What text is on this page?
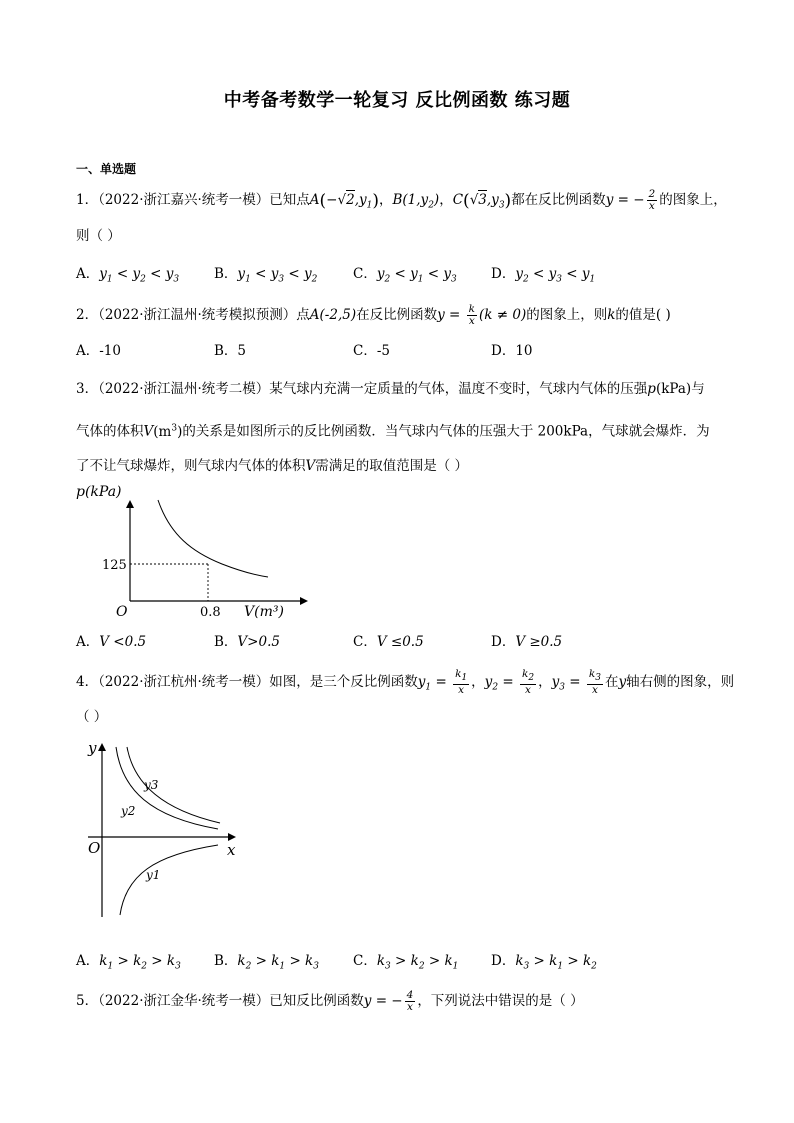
中考备考数学一轮复习 反比例函数 练习题
一、单选题
1．（2022·浙江嘉兴·统考一模）已知点$A(-√2,y_1)$，$B(1,y_2)$，$C(√3,y_3)$都在反比例函数y = − $\frac{2}{x}$ 的图象上，
则（ ）
A．$y_1 < y_2 < y_3$	B．$y_1 < y_3 < y_2$	C．$y_2 < y_1 < y_3$	D．$y_2 < y_3 < y_1$
2．（2022·浙江温州·统考模拟预测）点A(-2,5)在反比例函数$y = \frac{k}{x} (k \ne 0)$的图象上，则k的值是( )
A．-10	B．5	C．-5	D．10
3．（2022·浙江温州·统考二模）某气球内充满一定质量的气体，温度不变时，气球内气体的压强p(kPa)与
气体的体积$V(m^3)$的关系是如图所示的反比例函数．当气球内气体的压强大于 200kPa，气球就会爆炸．为
了不让气球爆炸，则气球内气体的体积V需满足的取值范围是（ ）
p(kPa)
125
0.8 V(m³)
O
A．V <0.5	B．V>0.5	C．V ≤0.5	D．V ≥0.5
4．（2022·浙江杭州·统考一模）如图，是三个反比例函数$y_1 = \frac{k_1}{x}$ ，$y_2 = \frac{k_2}{x}$ ，$y_3 = \frac{k_3}{x}$ 在y轴右侧的图象，则
（ ）
y
x
O
y3
y2
y1
A．$k_1 > k_2 > k_3$ B．$k_2 > k_1 > k_3$	C．$k_3 > k_2 > k_1$ D．$k_3 > k_1 > k_2$
5．（2022·浙江金华·统考一模）已知反比例函数y = − $\frac{4}{x}$ ，下列说法中错误的是（ ）
